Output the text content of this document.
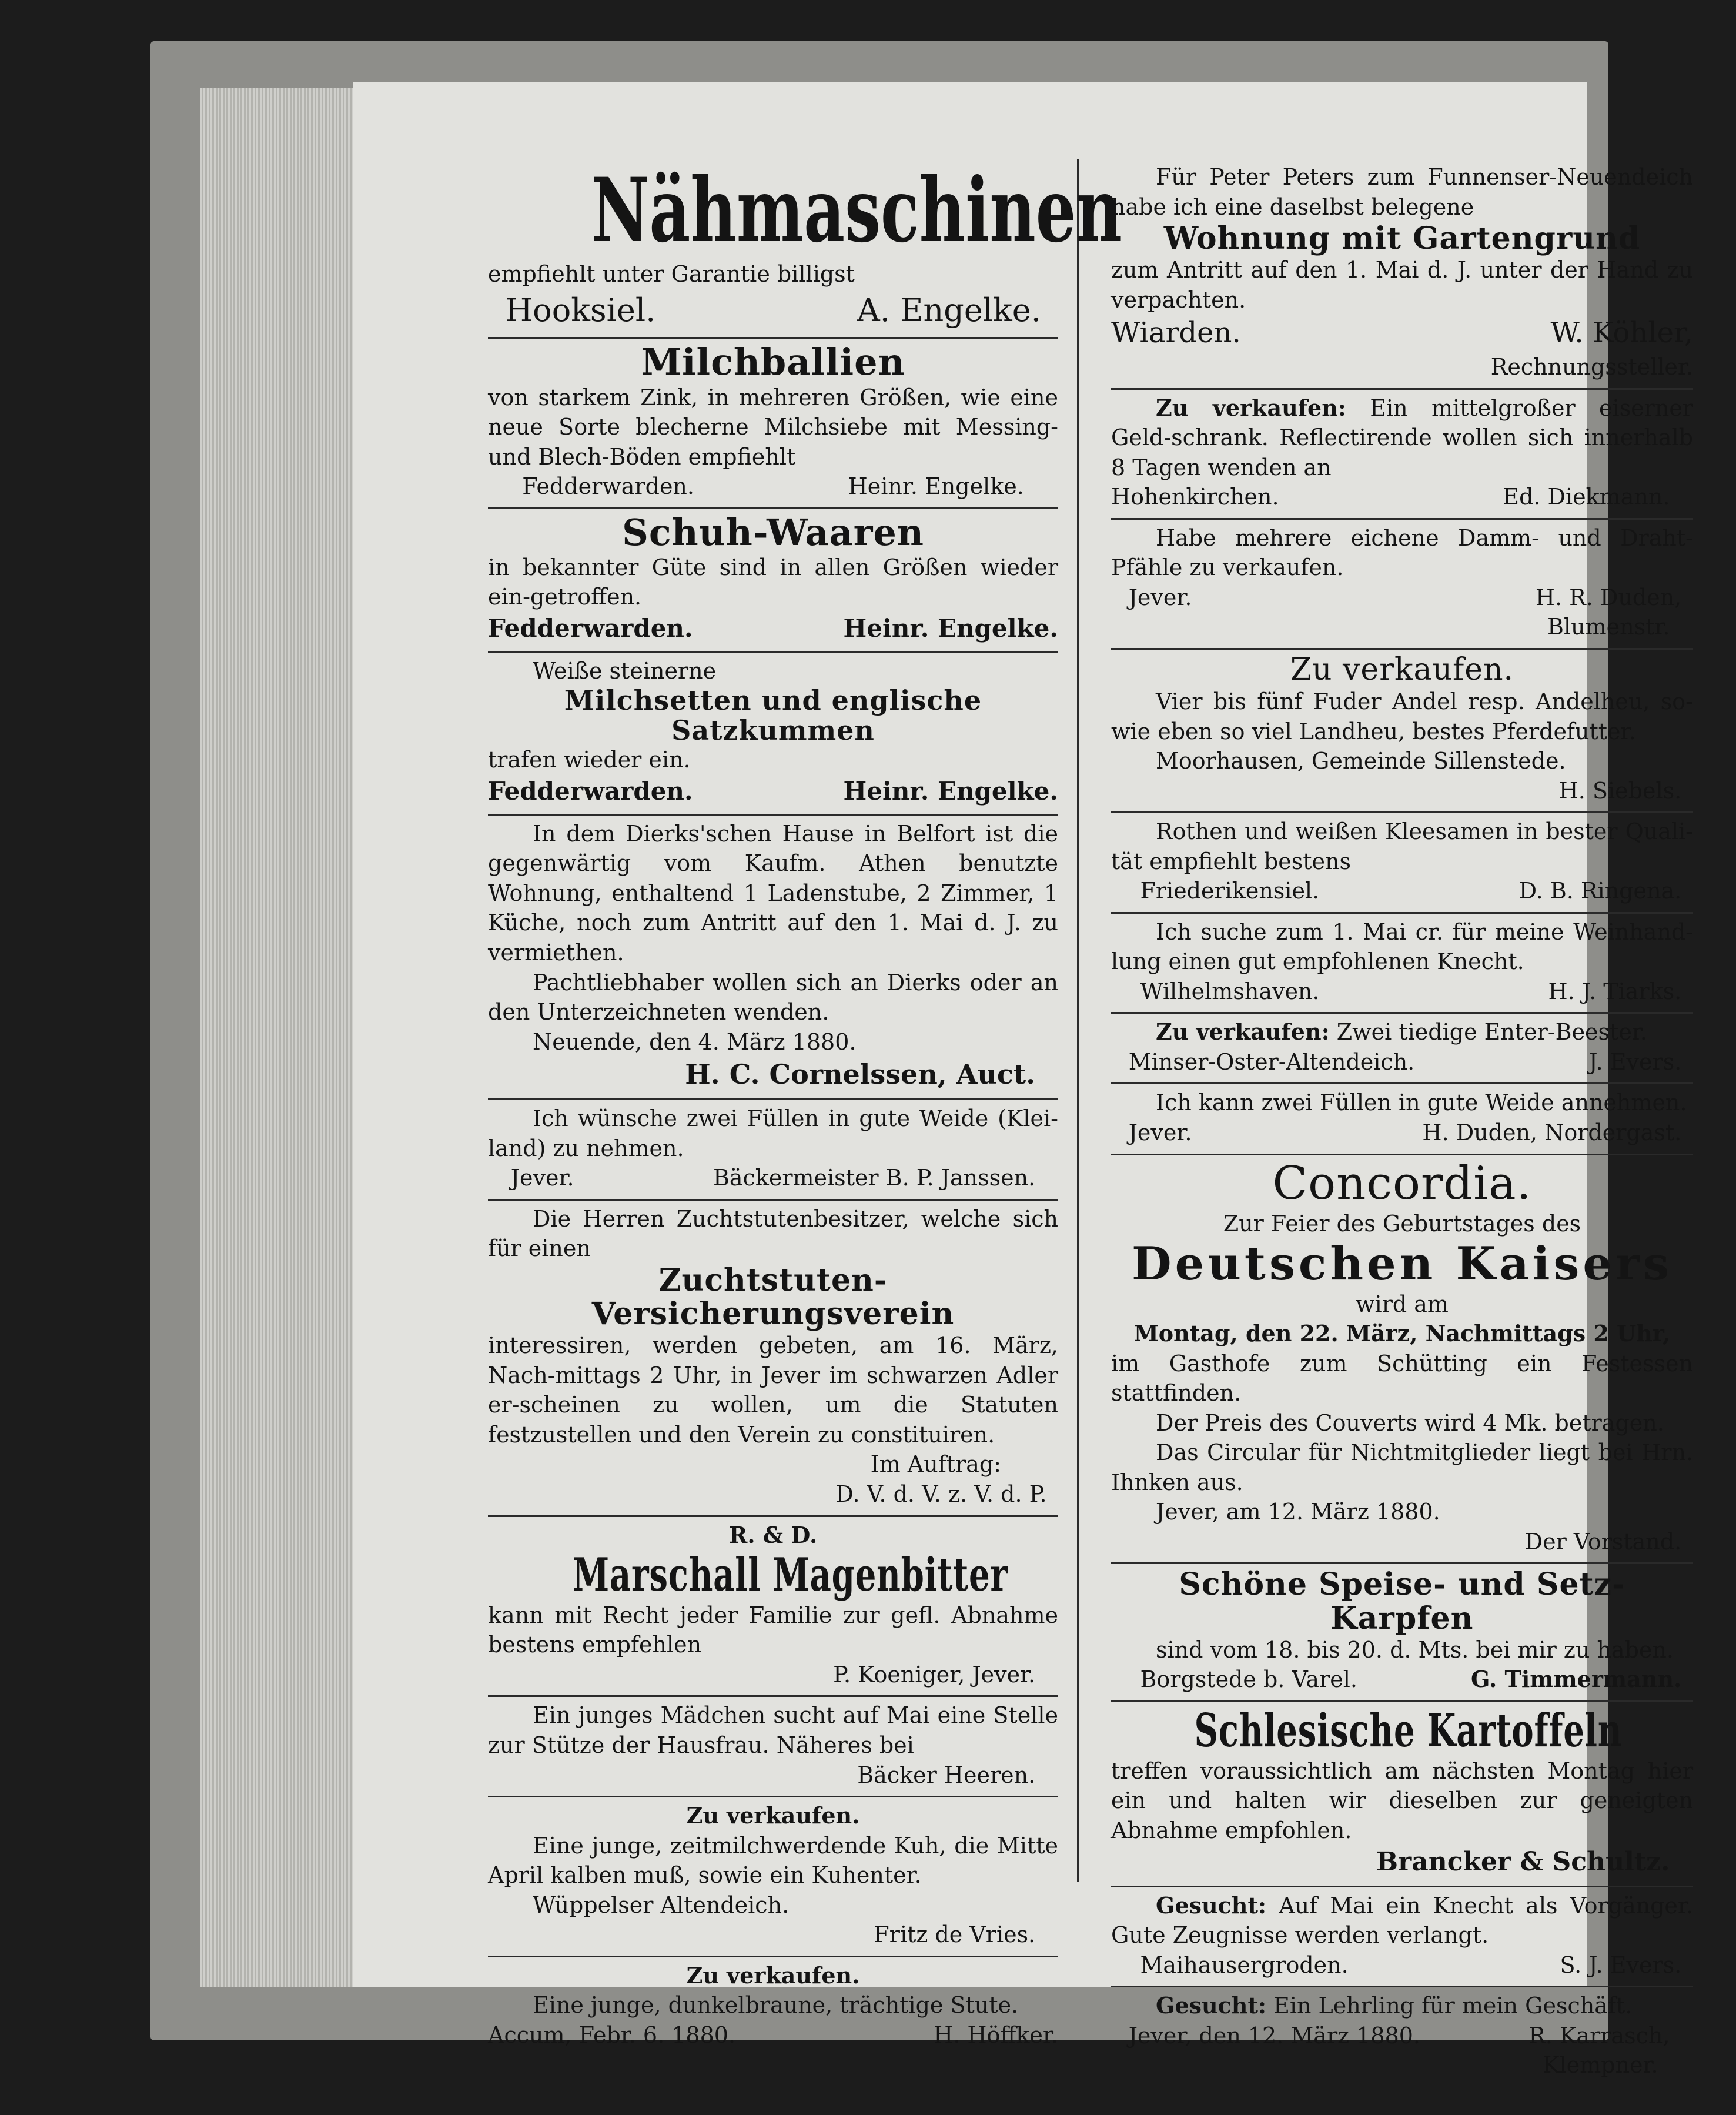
Nähmaschinen

empfiehlt unter Garantie billigst

Hooksiel.	A. Engelke.
Milchballien

von starkem Zink, in mehreren Größen, wie eine neue Sorte blecherne Milchsiebe mit Messing- und Blech-Böden empfiehlt

Fedderwarden.	Heinr. Engelke.
Schuh-Waaren

in bekannter Güte sind in allen Größen wieder ein-getroffen.

Fedderwarden.	Heinr. Engelke.

Weiße steinerne

Milchsetten und englische Satzkummen

trafen wieder ein.

Fedderwarden.	Heinr. Engelke.

In dem Dierks'schen Hause in Belfort ist die gegenwärtig vom Kaufm. Athen benutzte Wohnung, enthaltend 1 Ladenstube, 2 Zimmer, 1 Küche, noch zum Antritt auf den 1. Mai d. J. zu vermiethen.

Pachtliebhaber wollen sich an Dierks oder an den Unterzeichneten wenden.

Neuende, den 4. März 1880.

H. C. Cornelssen, Auct.

Ich wünsche zwei Füllen in gute Weide (Klei-land) zu nehmen.

Jever.	Bäckermeister B. P. Janssen.

Die Herren Zuchtstutenbesitzer, welche sich für einen

Zuchtstuten-Versicherungsverein

interessiren, werden gebeten, am 16. März, Nach-mittags 2 Uhr, in Jever im schwarzen Adler er-scheinen zu wollen, um die Statuten festzustellen und den Verein zu constituiren.

Im Auftrag:

D. V. d. V. z. V. d. P.

R. & D.

Marschall Magenbitter

kann mit Recht jeder Familie zur gefl. Abnahme bestens empfehlen

P. Koeniger, Jever.

Ein junges Mädchen sucht auf Mai eine Stelle zur Stütze der Hausfrau. Näheres bei

Bäcker Heeren.

Zu verkaufen.

Eine junge, zeitmilchwerdende Kuh, die Mitte April kalben muß, sowie ein Kuhenter.

Wüppelser Altendeich.

Fritz de Vries.

Zu verkaufen.

Eine junge, dunkelbraune, trächtige Stute.

Accum, Febr. 6. 1880.	H. Höffker.

Für Peter Peters zum Funnenser-Neuendeich habe ich eine daselbst belegene

Wohnung mit Gartengrund

zum Antritt auf den 1. Mai d. J. unter der Hand zu verpachten.

Wiarden.	W. Köhler,

Rechnungssteller.

Zu verkaufen: Ein mittelgroßer eiserner Geld-schrank. Reflectirende wollen sich innerhalb 8 Tagen wenden an

Hohenkirchen.	Ed. Diekmann.

Habe mehrere eichene Damm- und Draht-Pfähle zu verkaufen.

Jever.	H. R. Duden,

Blumenstr.

Zu verkaufen.

Vier bis fünf Fuder Andel resp. Andelheu, so-wie eben so viel Landheu, bestes Pferdefutter.

Moorhausen, Gemeinde Sillenstede.

H. Siebels.

Rothen und weißen Kleesamen in bester Quali-tät empfiehlt bestens

Friederikensiel.	D. B. Ringena.

Ich suche zum 1. Mai cr. für meine Weinhand-lung einen gut empfohlenen Knecht.

Wilhelmshaven.	H. J. Tiarks.

Zu verkaufen: Zwei tiedige Enter-Beester.

Minser-Oster-Altendeich.	J. Evers.

Ich kann zwei Füllen in gute Weide annehmen.

Jever.	H. Duden, Nordergast.
Concordia.

Zur Feier des Geburtstages des

Deutschen Kaisers

wird am

Montag, den 22. März, Nachmittags 2 Uhr,

im Gasthofe zum Schütting ein Festessen stattfinden.

Der Preis des Couverts wird 4 Mk. betragen.

Das Circular für Nichtmitglieder liegt bei Hrn. Ihnken aus.

Jever, am 12. März 1880.

Der Vorstand.

Schöne Speise- und Setz-Karpfen

sind vom 18. bis 20. d. Mts. bei mir zu haben.

Borgstede b. Varel.	G. Timmermann.
Schlesische Kartoffeln

treffen voraussichtlich am nächsten Montag hier ein und halten wir dieselben zur geneigten Abnahme empfohlen.

Brancker & Schultz.

Gesucht: Auf Mai ein Knecht als Vorgänger. Gute Zeugnisse werden verlangt.

Maihausergroden.	S. J. Evers.

Gesucht: Ein Lehrling für mein Geschäft.

Jever, den 12. März 1880.	R. Karrasch,

Klempner.
